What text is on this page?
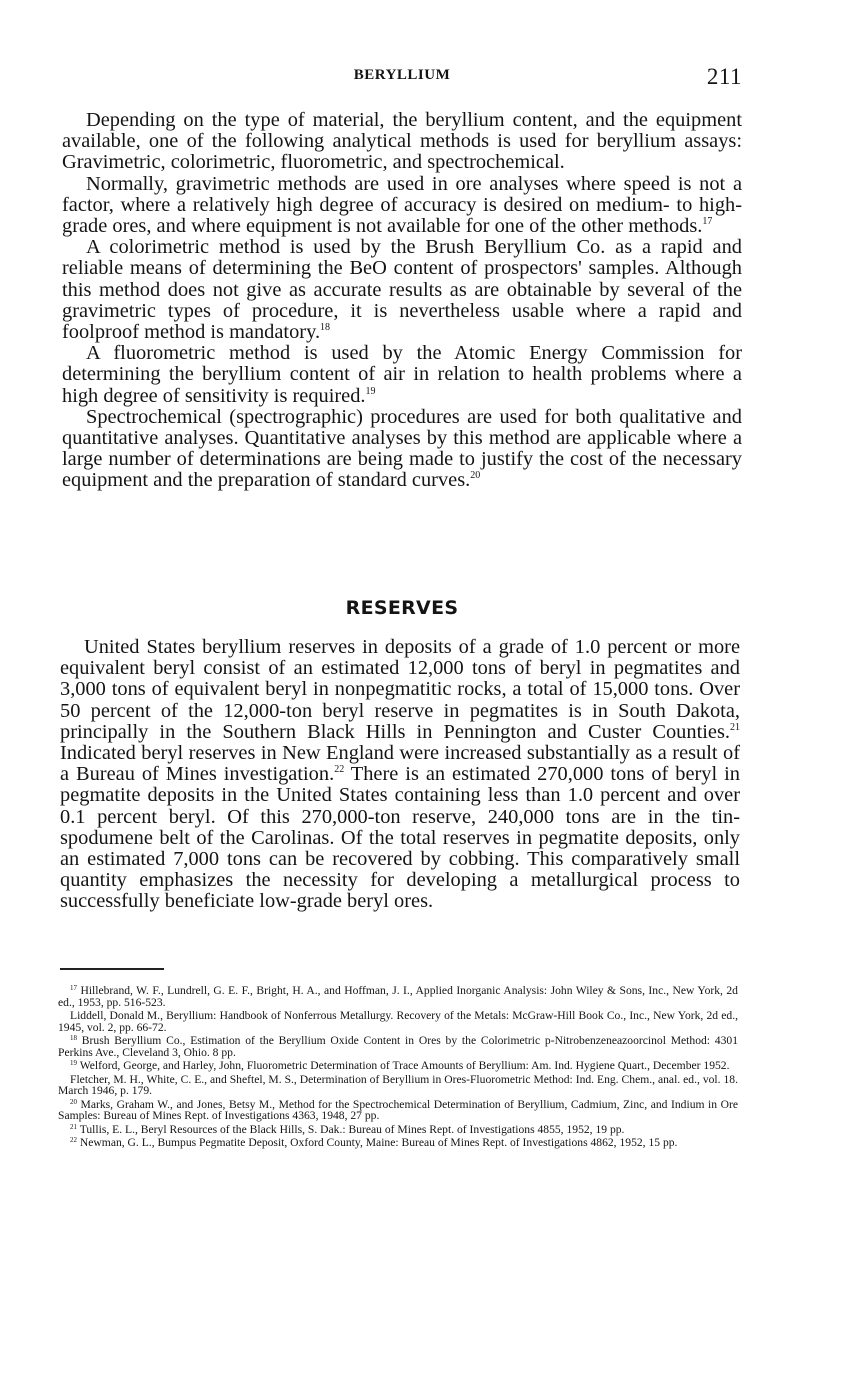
BERYLLIUM	211

Depending on the type of material, the beryllium content, and the equipment available, one of the following analytical methods is used for beryllium assays: Gravimetric, colorimetric, fluorometric, and spectrochemical.

Normally, gravimetric methods are used in ore analyses where speed is not a factor, where a relatively high degree of accuracy is desired on medium- to high-grade ores, and where equipment is not available for one of the other methods.$^{17}$

A colorimetric method is used by the Brush Beryllium Co. as a rapid and reliable means of determining the BeO content of prospectors' samples. Although this method does not give as accurate results as are obtainable by several of the gravimetric types of procedure, it is nevertheless usable where a rapid and foolproof method is mandatory.$^{18}$

A fluorometric method is used by the Atomic Energy Commission for determining the beryllium content of air in relation to health problems where a high degree of sensitivity is required.$^{19}$

Spectrochemical (spectrographic) procedures are used for both qualitative and quantitative analyses. Quantitative analyses by this method are applicable where a large number of determinations are being made to justify the cost of the necessary equipment and the preparation of standard curves.$^{20}$

RESERVES

United States beryllium reserves in deposits of a grade of 1.0 percent or more equivalent beryl consist of an estimated 12,000 tons of beryl in pegmatites and 3,000 tons of equivalent beryl in nonpegmatitic rocks, a total of 15,000 tons. Over 50 percent of the 12,000-ton beryl reserve in pegmatites is in South Dakota, principally in the Southern Black Hills in Pennington and Custer Counties.$^{21}$ Indicated beryl reserves in New England were increased substantially as a result of a Bureau of Mines investigation.$^{22}$ There is an estimated 270,000 tons of beryl in pegmatite deposits in the United States containing less than 1.0 percent and over 0.1 percent beryl. Of this 270,000-ton reserve, 240,000 tons are in the tin-spodumene belt of the Carolinas. Of the total reserves in pegmatite deposits, only an estimated 7,000 tons can be recovered by cobbing. This comparatively small quantity emphasizes the necessity for developing a metallurgical process to successfully beneficiate low-grade beryl ores.

$^{17}$ Hillebrand, W. F., Lundrell, G. E. F., Bright, H. A., and Hoffman, J. I., Applied Inorganic Analysis: John Wiley & Sons, Inc., New York, 2d ed., 1953, pp. 516-523.

Liddell, Donald M., Beryllium: Handbook of Nonferrous Metallurgy. Recovery of the Metals: McGraw-Hill Book Co., Inc., New York, 2d ed., 1945, vol. 2, pp. 66-72.

$^{18}$ Brush Beryllium Co., Estimation of the Beryllium Oxide Content in Ores by the Colorimetric p-Nitrobenzeneazoorcinol Method: 4301 Perkins Ave., Cleveland 3, Ohio. 8 pp.

$^{19}$ Welford, George, and Harley, John, Fluorometric Determination of Trace Amounts of Beryllium: Am. Ind. Hygiene Quart., December 1952.

Fletcher, M. H., White, C. E., and Sheftel, M. S., Determination of Beryllium in Ores-Fluorometric Method: Ind. Eng. Chem., anal. ed., vol. 18. March 1946, p. 179.

$^{20}$ Marks, Graham W., and Jones, Betsy M., Method for the Spectrochemical Determination of Beryllium, Cadmium, Zinc, and Indium in Ore Samples: Bureau of Mines Rept. of Investigations 4363, 1948, 27 pp.

$^{21}$ Tullis, E. L., Beryl Resources of the Black Hills, S. Dak.: Bureau of Mines Rept. of Investigations 4855, 1952, 19 pp.

$^{22}$ Newman, G. L., Bumpus Pegmatite Deposit, Oxford County, Maine: Bureau of Mines Rept. of Investigations 4862, 1952, 15 pp.
